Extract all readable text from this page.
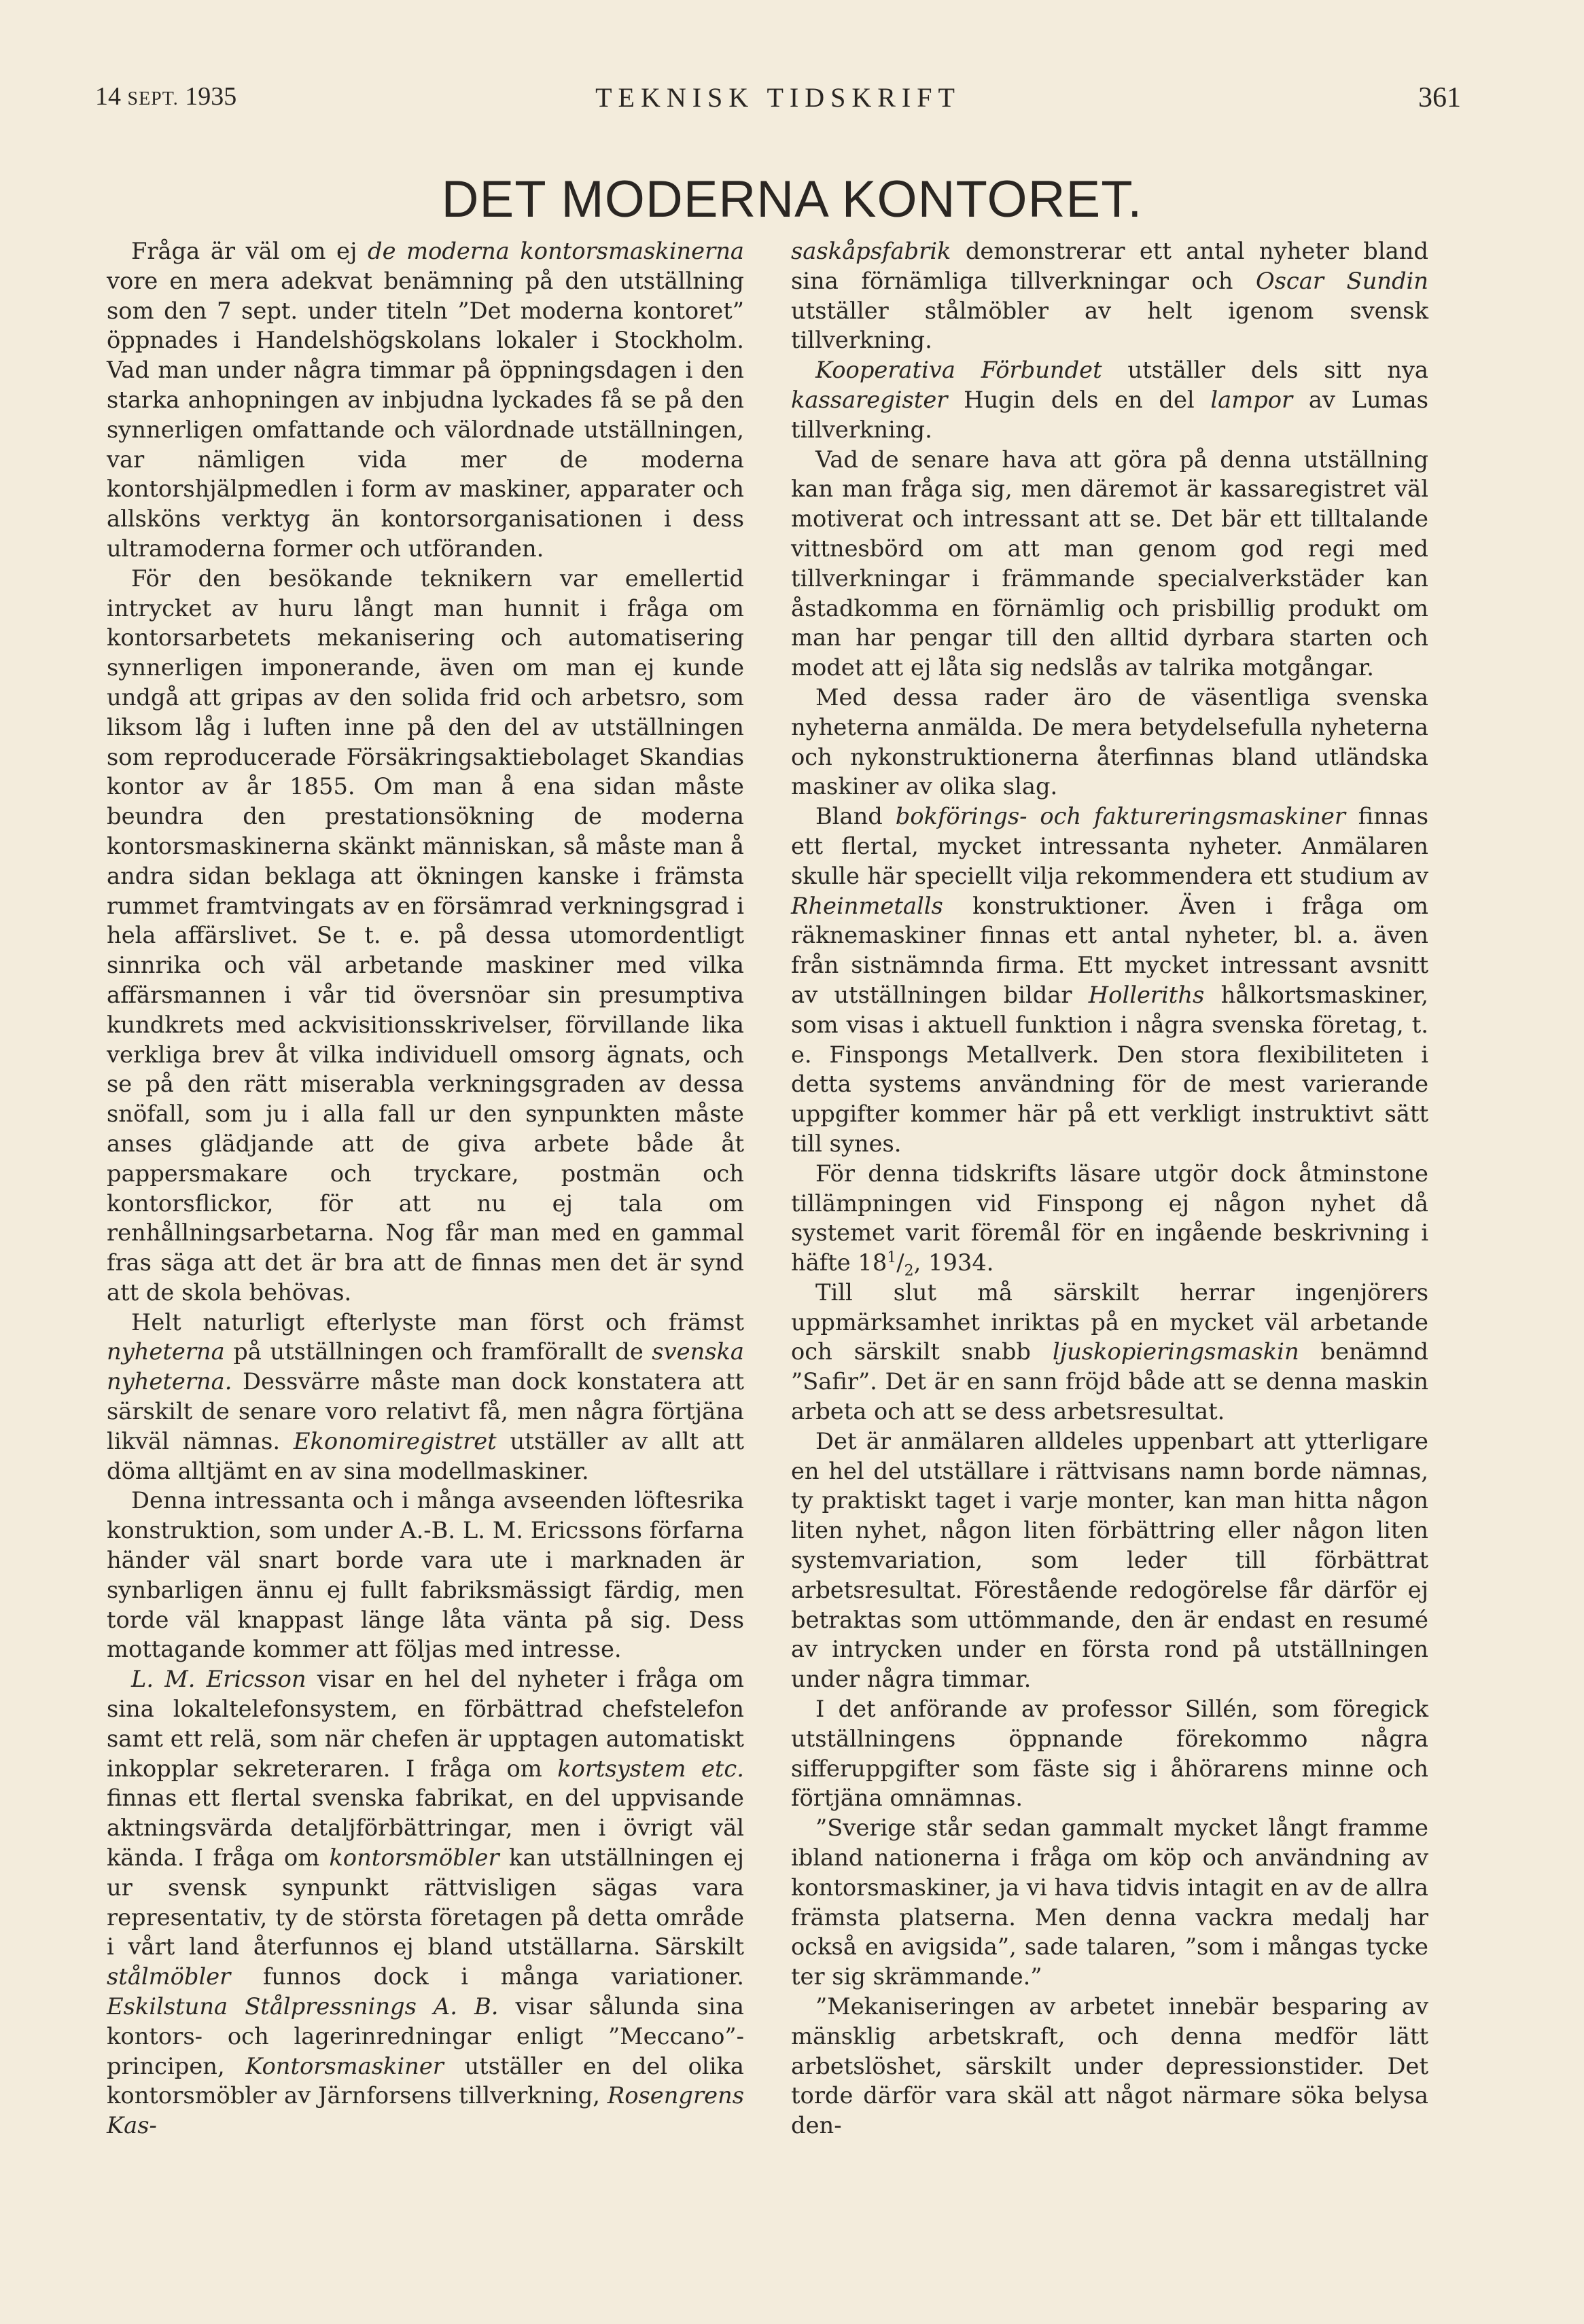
14 SEPT. 1935	TEKNISK TIDSKRIFT	361
DET MODERNA KONTORET.

Fråga är väl om ej de moderna kontorsmaskinerna vore en mera adekvat benämning på den utställning som den 7 sept. under titeln ”Det moderna kontoret” öppnades i Handelshögskolans lokaler i Stockholm. Vad man under några timmar på öppningsdagen i den starka anhopningen av inbjudna lyckades få se på den synnerligen omfattande och välordnade utställningen, var nämligen vida mer de moderna kontorshjälpmedlen i form av maskiner, apparater och allsköns verktyg än kontorsorganisationen i dess ultramoderna former och utföranden.

För den besökande teknikern var emellertid intrycket av huru långt man hunnit i fråga om kontorsarbetets mekanisering och automatisering synnerligen imponerande, även om man ej kunde undgå att gripas av den solida frid och arbetsro, som liksom låg i luften inne på den del av utställningen som reproducerade Försäkringsaktiebolaget Skandias kontor av år 1855. Om man å ena sidan måste beundra den prestationsökning de moderna kontorsmaskinerna skänkt människan, så måste man å andra sidan beklaga att ökningen kanske i främsta rummet framtvingats av en försämrad verkningsgrad i hela affärslivet. Se t. e. på dessa utomordentligt sinnrika och väl arbetande maskiner med vilka affärsmannen i vår tid översnöar sin presumptiva kundkrets med ackvisitionsskrivelser, förvillande lika verkliga brev åt vilka individuell omsorg ägnats, och se på den rätt miserabla verkningsgraden av dessa snöfall, som ju i alla fall ur den synpunkten måste anses glädjande att de giva arbete både åt pappersmakare och tryckare, postmän och kontorsflickor, för att nu ej tala om renhållningsarbetarna. Nog får man med en gammal fras säga att det är bra att de finnas men det är synd att de skola behövas.

Helt naturligt efterlyste man först och främst nyheterna på utställningen och framförallt de svenska nyheterna. Dessvärre måste man dock konstatera att särskilt de senare voro relativt få, men några förtjäna likväl nämnas. Ekonomiregistret utställer av allt att döma alltjämt en av sina modellmaskiner.

Denna intressanta och i många avseenden löftesrika konstruktion, som under A.-B. L. M. Ericssons förfarna händer väl snart borde vara ute i marknaden är synbarligen ännu ej fullt fabriksmässigt färdig, men torde väl knappast länge låta vänta på sig. Dess mottagande kommer att följas med intresse.

L. M. Ericsson visar en hel del nyheter i fråga om sina lokaltelefonsystem, en förbättrad chefstelefon samt ett relä, som när chefen är upptagen automatiskt inkopplar sekreteraren. I fråga om kortsystem etc. finnas ett flertal svenska fabrikat, en del uppvisande aktningsvärda detaljförbättringar, men i övrigt väl kända. I fråga om kontorsmöbler kan utställningen ej ur svensk synpunkt rättvisligen sägas vara representativ, ty de största företagen på detta område i vårt land återfunnos ej bland utställarna. Särskilt stålmöbler funnos dock i många variationer. Eskilstuna Stålpressnings A. B. visar sålunda sina kontors- och lagerinredningar enligt ”Meccano”-principen, Kontorsmaskiner utställer en del olika kontorsmöbler av Järnforsens tillverkning, Rosengrens Kas-

saskåpsfabrik demonstrerar ett antal nyheter bland sina förnämliga tillverkningar och Oscar Sundin utställer stålmöbler av helt igenom svensk tillverkning.

Kooperativa Förbundet utställer dels sitt nya kassaregister Hugin dels en del lampor av Lumas tillverkning.

Vad de senare hava att göra på denna utställning kan man fråga sig, men däremot är kassaregistret väl motiverat och intressant att se. Det bär ett tilltalande vittnesbörd om att man genom god regi med tillverkningar i främmande specialverkstäder kan åstadkomma en förnämlig och prisbillig produkt om man har pengar till den alltid dyrbara starten och modet att ej låta sig nedslås av talrika motgångar.

Med dessa rader äro de väsentliga svenska nyheterna anmälda. De mera betydelsefulla nyheterna och nykonstruktionerna återfinnas bland utländska maskiner av olika slag.

Bland bokförings- och faktureringsmaskiner finnas ett flertal, mycket intressanta nyheter. Anmälaren skulle här speciellt vilja rekommendera ett studium av Rheinmetalls konstruktioner. Även i fråga om räknemaskiner finnas ett antal nyheter, bl. a. även från sistnämnda firma. Ett mycket intressant avsnitt av utställningen bildar Holleriths hålkortsmaskiner, som visas i aktuell funktion i några svenska företag, t. e. Finspongs Metallverk. Den stora flexibiliteten i detta systems användning för de mest varierande uppgifter kommer här på ett verkligt instruktivt sätt till synes.

För denna tidskrifts läsare utgör dock åtminstone tillämpningen vid Finspong ej någon nyhet då systemet varit föremål för en ingående beskrivning i häfte $18^1/_2$, 1934.

Till slut må särskilt herrar ingenjörers uppmärksamhet inriktas på en mycket väl arbetande och särskilt snabb ljuskopieringsmaskin benämnd ”Safir”. Det är en sann fröjd både att se denna maskin arbeta och att se dess arbetsresultat.

Det är anmälaren alldeles uppenbart att ytterligare en hel del utställare i rättvisans namn borde nämnas, ty praktiskt taget i varje monter, kan man hitta någon liten nyhet, någon liten förbättring eller någon liten systemvariation, som leder till förbättrat arbetsresultat. Förestående redogörelse får därför ej betraktas som uttömmande, den är endast en resumé av intrycken under en första rond på utställningen under några timmar.

I det anförande av professor Sillén, som föregick utställningens öppnande förekommo några sifferuppgifter som fäste sig i åhörarens minne och förtjäna omnämnas.

”Sverige står sedan gammalt mycket långt framme ibland nationerna i fråga om köp och användning av kontorsmaskiner, ja vi hava tidvis intagit en av de allra främsta platserna. Men denna vackra medalj har också en avigsida”, sade talaren, ”som i mångas tycke ter sig skrämmande.”

”Mekaniseringen av arbetet innebär besparing av mänsklig arbetskraft, och denna medför lätt arbetslöshet, särskilt under depressionstider. Det torde därför vara skäl att något närmare söka belysa den-
